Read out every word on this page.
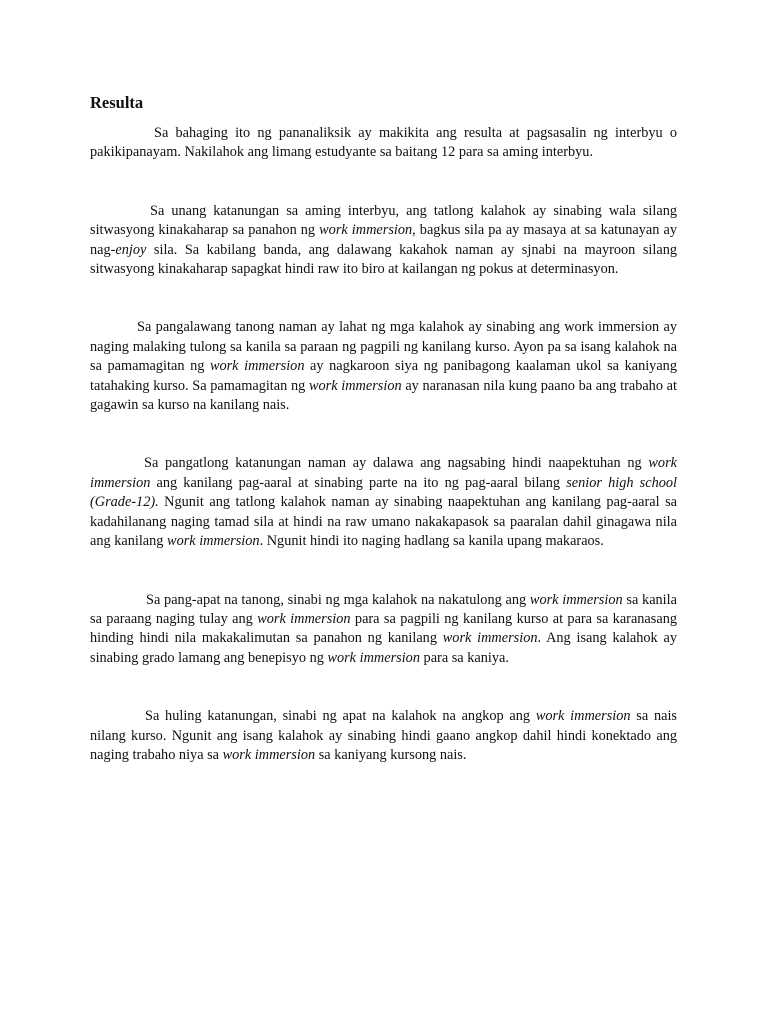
Resulta

Sa bahaging ito ng pananaliksik ay makikita ang resulta at pagsasalin ng interbyu o pakikipanayam. Nakilahok ang limang estudyante sa baitang 12 para sa aming interbyu.

Sa unang katanungan sa aming interbyu, ang tatlong kalahok ay sinabing wala silang sitwasyong kinakaharap sa panahon ng work immersion, bagkus sila pa ay masaya at sa katunayan ay nag-enjoy sila. Sa kabilang banda, ang dalawang kakahok naman ay sjnabi na mayroon silang sitwasyong kinakaharap sapagkat hindi raw ito biro at kailangan ng pokus at determinasyon.

Sa pangalawang tanong naman ay lahat ng mga kalahok ay sinabing ang work immersion ay naging malaking tulong sa kanila sa paraan ng pagpili ng kanilang kurso. Ayon pa sa isang kalahok na sa pamamagitan ng work immersion ay nagkaroon siya ng panibagong kaalaman ukol sa kaniyang tatahaking kurso. Sa pamamagitan ng work immersion ay naranasan nila kung paano ba ang trabaho at gagawin sa kurso na kanilang nais.

Sa pangatlong katanungan naman ay dalawa ang nagsabing hindi naapektuhan ng work immersion ang kanilang pag-aaral at sinabing parte na ito ng pag-aaral bilang senior high school (Grade-12). Ngunit ang tatlong kalahok naman ay sinabing naapektuhan ang kanilang pag-aaral sa kadahilanang naging tamad sila at hindi na raw umano nakakapasok sa paaralan dahil ginagawa nila ang kanilang work immersion. Ngunit hindi ito naging hadlang sa kanila upang makaraos.

Sa pang-apat na tanong, sinabi ng mga kalahok na nakatulong ang work immersion sa kanila sa paraang naging tulay ang work immersion para sa pagpili ng kanilang kurso at para sa karanasang hinding hindi nila makakalimutan sa panahon ng kanilang work immersion. Ang isang kalahok ay sinabing grado lamang ang benepisyo ng work immersion para sa kaniya.

Sa huling katanungan, sinabi ng apat na kalahok na angkop ang work immersion sa nais nilang kurso. Ngunit ang isang kalahok ay sinabing hindi gaano angkop dahil hindi konektado ang naging trabaho niya sa work immersion sa kaniyang kursong nais.
